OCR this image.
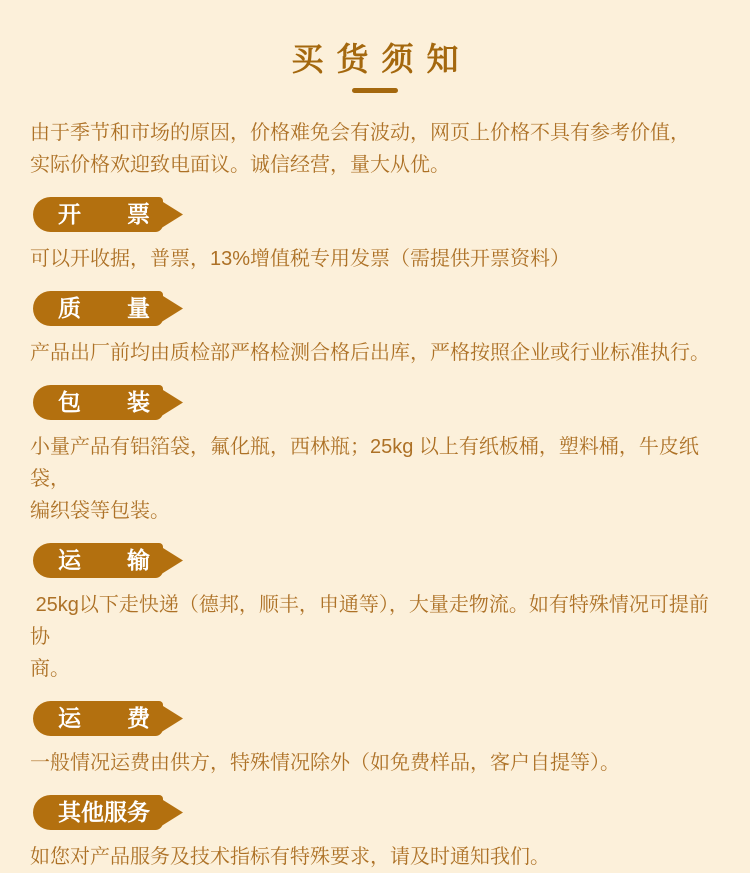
买货须知
由于季节和市场的原因，价格难免会有波动，网页上价格不具有参考价值，
实际价格欢迎致电面议。诚信经营，量大从优。
开票
可以开收据，普票，13%增值税专用发票（需提供开票资料）
质量
产品出厂前均由质检部严格检测合格后出库，严格按照企业或行业标准执行。
包装
小量产品有铝箔袋，氟化瓶，西林瓶；25kg 以上有纸板桶，塑料桶，牛皮纸袋，
编织袋等包装。
运输
25kg以下走快递（德邦，顺丰，申通等），大量走物流。如有特殊情况可提前协
商。
运费
一般情况运费由供方，特殊情况除外（如免费样品，客户自提等）。
其他服务
如您对产品服务及技术指标有特殊要求，请及时通知我们。
